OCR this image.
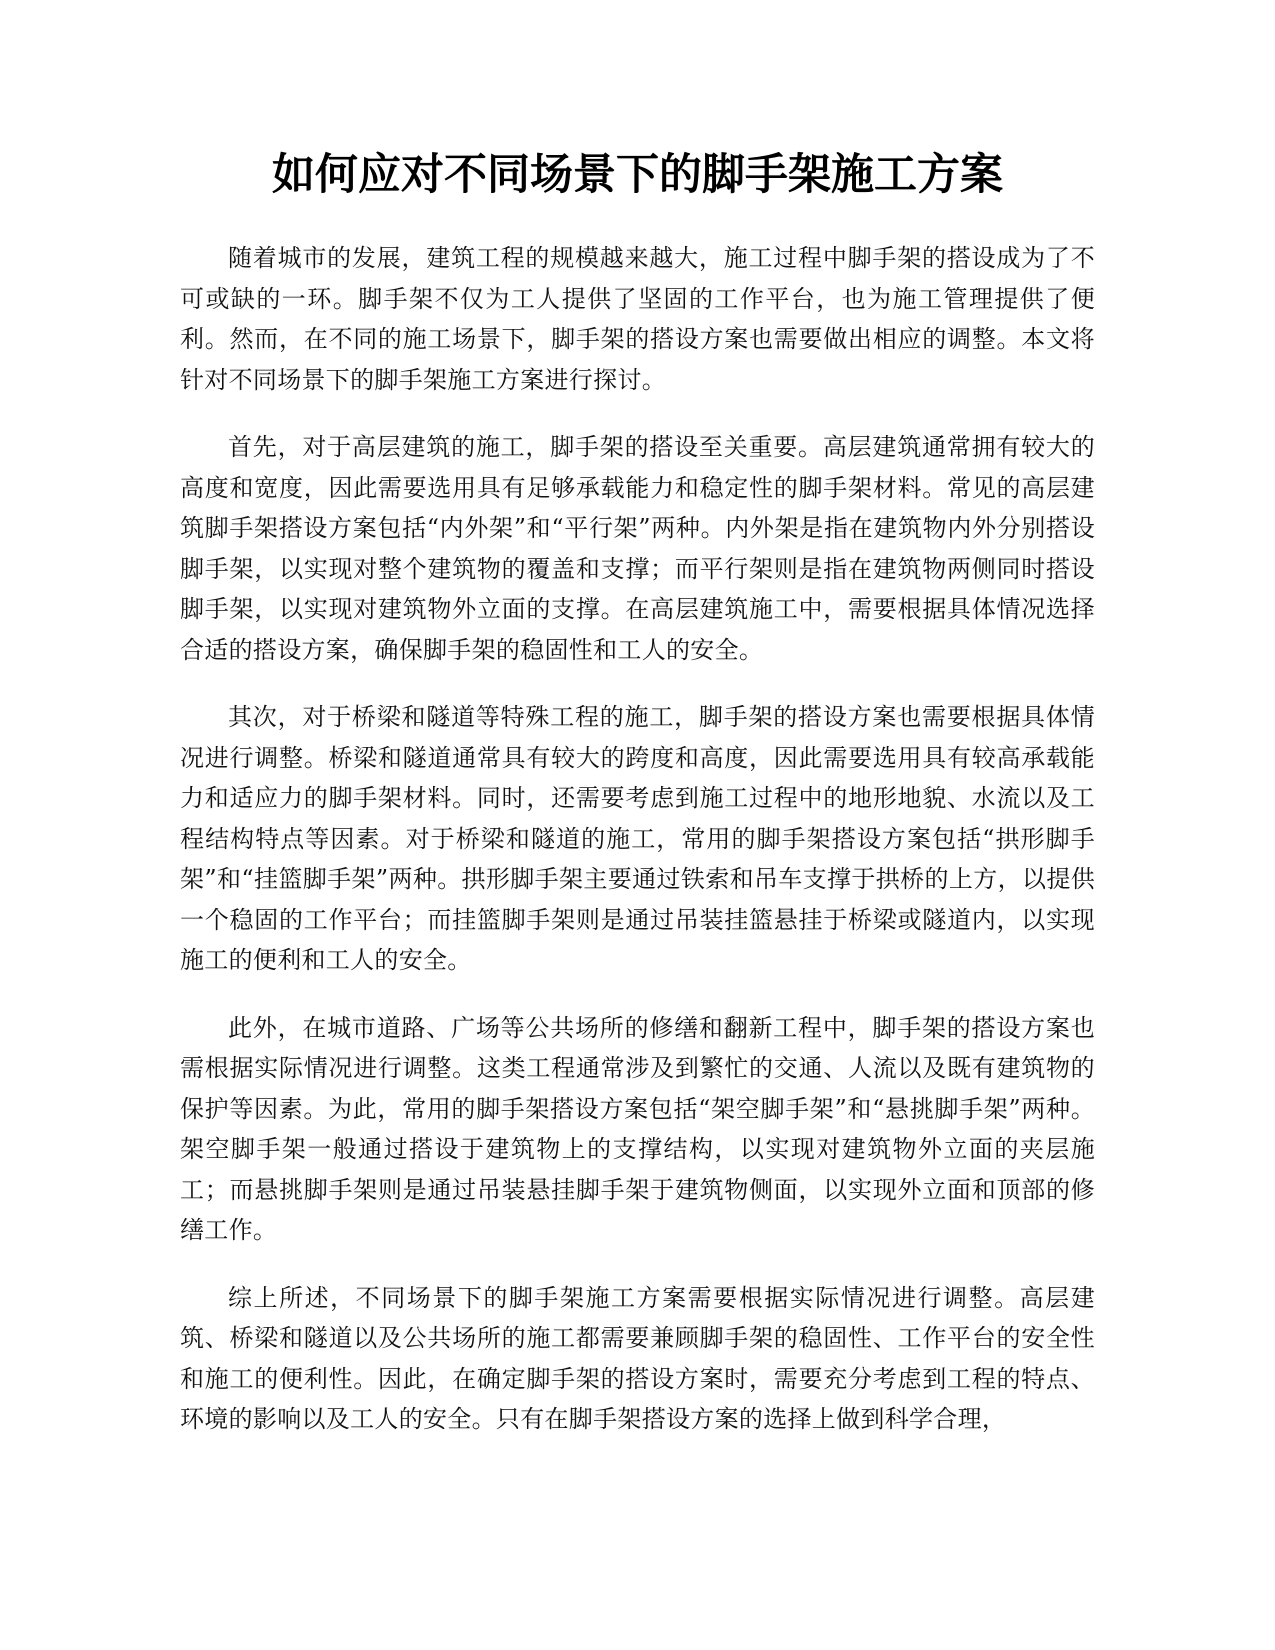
如何应对不同场景下的脚手架施工方案

随着城市的发展，建筑工程的规模越来越大，施工过程中脚手架的搭设成为了不可或缺的一环。脚手架不仅为工人提供了坚固的工作平台，也为施工管理提供了便利。然而，在不同的施工场景下，脚手架的搭设方案也需要做出相应的调整。本文将针对不同场景下的脚手架施工方案进行探讨。

首先，对于高层建筑的施工，脚手架的搭设至关重要。高层建筑通常拥有较大的高度和宽度，因此需要选用具有足够承载能力和稳定性的脚手架材料。常见的高层建筑脚手架搭设方案包括“内外架”和“平行架”两种。内外架是指在建筑物内外分别搭设脚手架，以实现对整个建筑物的覆盖和支撑；而平行架则是指在建筑物两侧同时搭设脚手架，以实现对建筑物外立面的支撑。在高层建筑施工中，需要根据具体情况选择合适的搭设方案，确保脚手架的稳固性和工人的安全。

其次，对于桥梁和隧道等特殊工程的施工，脚手架的搭设方案也需要根据具体情况进行调整。桥梁和隧道通常具有较大的跨度和高度，因此需要选用具有较高承载能力和适应力的脚手架材料。同时，还需要考虑到施工过程中的地形地貌、水流以及工程结构特点等因素。对于桥梁和隧道的施工，常用的脚手架搭设方案包括“拱形脚手架”和“挂篮脚手架”两种。拱形脚手架主要通过铁索和吊车支撑于拱桥的上方，以提供一个稳固的工作平台；而挂篮脚手架则是通过吊装挂篮悬挂于桥梁或隧道内，以实现施工的便利和工人的安全。

此外，在城市道路、广场等公共场所的修缮和翻新工程中，脚手架的搭设方案也需根据实际情况进行调整。这类工程通常涉及到繁忙的交通、人流以及既有建筑物的保护等因素。为此，常用的脚手架搭设方案包括“架空脚手架”和“悬挑脚手架”两种。架空脚手架一般通过搭设于建筑物上的支撑结构，以实现对建筑物外立面的夹层施工；而悬挑脚手架则是通过吊装悬挂脚手架于建筑物侧面，以实现外立面和顶部的修缮工作。

综上所述，不同场景下的脚手架施工方案需要根据实际情况进行调整。高层建筑、桥梁和隧道以及公共场所的施工都需要兼顾脚手架的稳固性、工作平台的安全性和施工的便利性。因此，在确定脚手架的搭设方案时，需要充分考虑到工程的特点、环境的影响以及工人的安全。只有在脚手架搭设方案的选择上做到科学合理，
